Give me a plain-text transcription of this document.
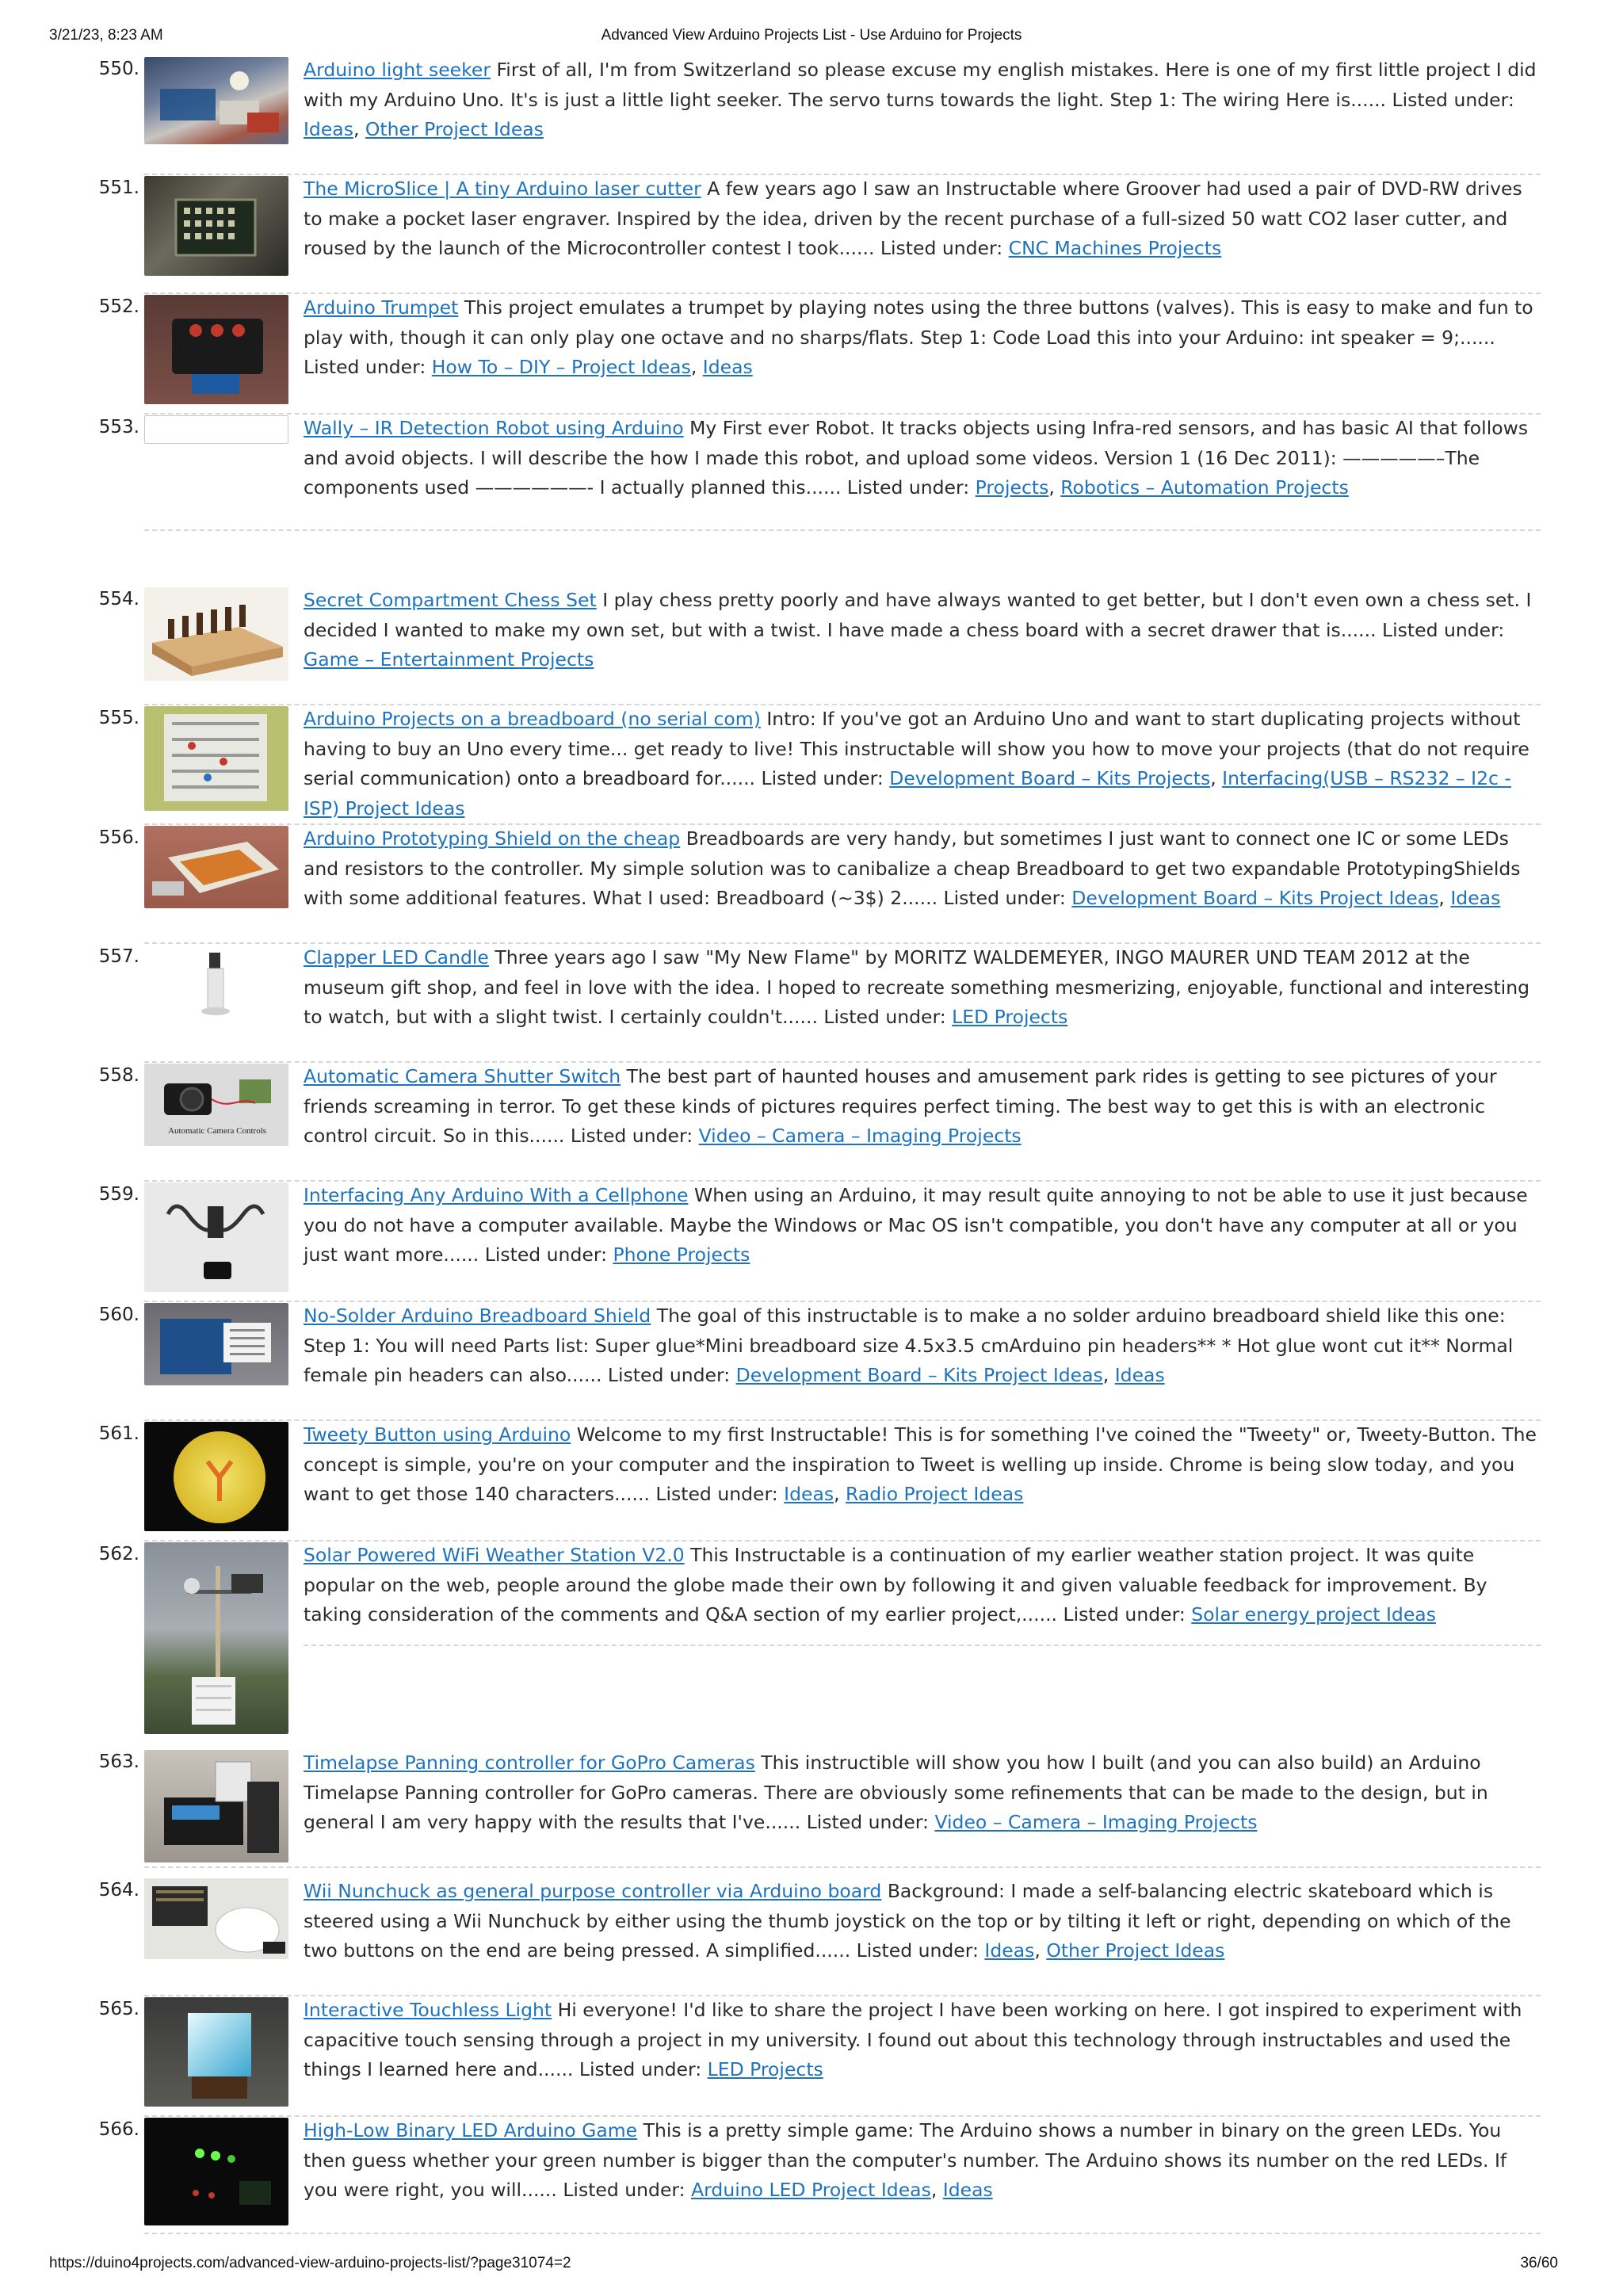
3/21/23, 8:23 AM	Advanced View Arduino Projects List - Use Arduino for Projects
550.	Arduino light seeker First of all, I'm from Switzerland so please excuse my english mistakes. Here is one of my first little project I did with my Arduino Uno. It's is just a little light seeker. The servo turns towards the light. Step 1: The wiring Here is...... Listed under: Ideas, Other Project Ideas
551.	The MicroSlice | A tiny Arduino laser cutter A few years ago I saw an Instructable where Groover had used a pair of DVD-RW drives to make a pocket laser engraver. Inspired by the idea, driven by the recent purchase of a full-sized 50 watt CO2 laser cutter, and roused by the launch of the Microcontroller contest I took...... Listed under: CNC Machines Projects
552.	Arduino Trumpet This project emulates a trumpet by playing notes using the three buttons (valves). This is easy to make and fun to play with, though it can only play one octave and no sharps/flats. Step 1: Code Load this into your Arduino: int speaker = 9;...... Listed under: How To – DIY – Project Ideas, Ideas
553.	Wally – IR Detection Robot using Arduino My First ever Robot. It tracks objects using Infra-red sensors, and has basic AI that follows and avoid objects. I will describe the how I made this robot, and upload some videos. Version 1 (16 Dec 2011): —————–The components used ——————- I actually planned this...... Listed under: Projects, Robotics – Automation Projects
554.	Secret Compartment Chess Set I play chess pretty poorly and have always wanted to get better, but I don't even own a chess set. I decided I wanted to make my own set, but with a twist. I have made a chess board with a secret drawer that is...... Listed under: Game – Entertainment Projects
555.	Arduino Projects on a breadboard (no serial com) Intro: If you've got an Arduino Uno and want to start duplicating projects without having to buy an Uno every time... get ready to live! This instructable will show you how to move your projects (that do not require serial communication) onto a breadboard for...... Listed under: Development Board – Kits Projects, Interfacing(USB – RS232 – I2c -ISP) Project Ideas
556.	Arduino Prototyping Shield on the cheap Breadboards are very handy, but sometimes I just want to connect one IC or some LEDs and resistors to the controller. My simple solution was to canibalize a cheap Breadboard to get two expandable PrototypingShields with some additional features. What I used: Breadboard (~3$) 2...... Listed under: Development Board – Kits Project Ideas, Ideas
557.	Clapper LED Candle Three years ago I saw "My New Flame" by MORITZ WALDEMEYER, INGO MAURER UND TEAM 2012 at the museum gift shop, and feel in love with the idea. I hoped to recreate something mesmerizing, enjoyable, functional and interesting to watch, but with a slight twist. I certainly couldn't...... Listed under: LED Projects
558.
Automatic Camera Controls
Automatic Camera Shutter Switch The best part of haunted houses and amusement park rides is getting to see pictures of your friends screaming in terror. To get these kinds of pictures requires perfect timing. The best way to get this is with an electronic control circuit. So in this...... Listed under: Video – Camera – Imaging Projects
559.	Interfacing Any Arduino With a Cellphone When using an Arduino, it may result quite annoying to not be able to use it just because you do not have a computer available. Maybe the Windows or Mac OS isn't compatible, you don't have any computer at all or you just want more...... Listed under: Phone Projects
560.	No-Solder Arduino Breadboard Shield The goal of this instructable is to make a no solder arduino breadboard shield like this one: Step 1: You will need Parts list: Super glue*Mini breadboard size 4.5x3.5 cmArduino pin headers** * Hot glue wont cut it** Normal female pin headers can also...... Listed under: Development Board – Kits Project Ideas, Ideas
561.	Tweety Button using Arduino Welcome to my first Instructable! This is for something I've coined the "Tweety" or, Tweety-Button. The concept is simple, you're on your computer and the inspiration to Tweet is welling up inside. Chrome is being slow today, and you want to get those 140 characters...... Listed under: Ideas, Radio Project Ideas
562.	Solar Powered WiFi Weather Station V2.0 This Instructable is a continuation of my earlier weather station project. It was quite popular on the web, people around the globe made their own by following it and given valuable feedback for improvement. By taking consideration of the comments and Q&A section of my earlier project,...... Listed under: Solar energy project Ideas
563.	Timelapse Panning controller for GoPro Cameras This instructible will show you how I built (and you can also build) an Arduino Timelapse Panning controller for GoPro cameras. There are obviously some refinements that can be made to the design, but in general I am very happy with the results that I've...... Listed under: Video – Camera – Imaging Projects
564.	Wii Nunchuck as general purpose controller via Arduino board Background: I made a self-balancing electric skateboard which is steered using a Wii Nunchuck by either using the thumb joystick on the top or by tilting it left or right, depending on which of the two buttons on the end are being pressed. A simplified...... Listed under: Ideas, Other Project Ideas
565.	Interactive Touchless Light Hi everyone! I'd like to share the project I have been working on here. I got inspired to experiment with capacitive touch sensing through a project in my university. I found out about this technology through instructables and used the things I learned here and...... Listed under: LED Projects
566.	High-Low Binary LED Arduino Game This is a pretty simple game: The Arduino shows a number in binary on the green LEDs. You then guess whether your green number is bigger than the computer's number. The Arduino shows its number on the red LEDs. If you were right, you will...... Listed under: Arduino LED Project Ideas, Ideas
https://duino4projects.com/advanced-view-arduino-projects-list/?page31074=2	36/60
